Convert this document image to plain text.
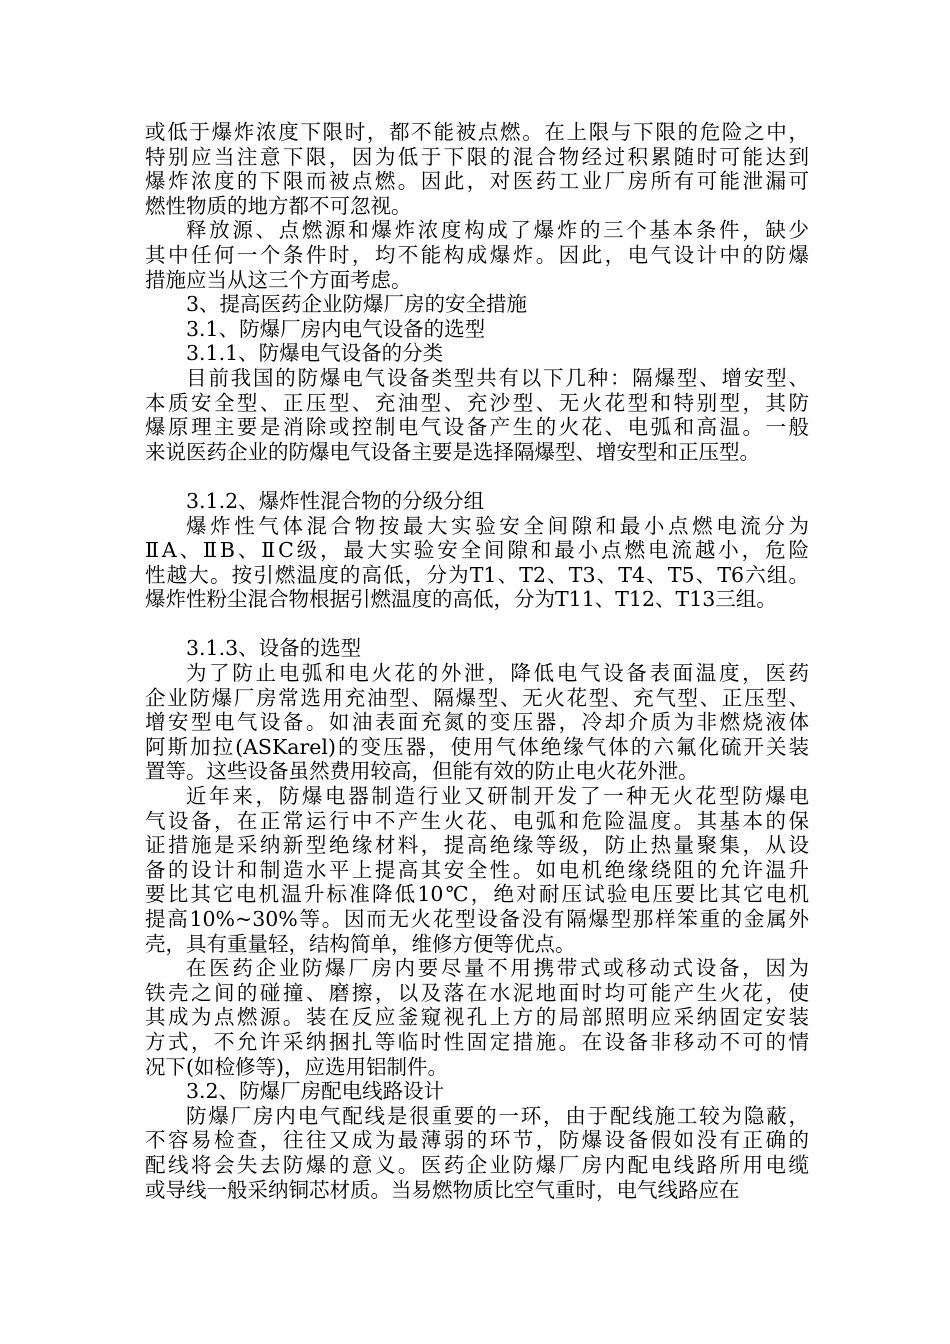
或低于爆炸浓度下限时，都不能被点燃。在上限与下限的危险之中，
特别应当注意下限，因为低于下限的混合物经过积累随时可能达到
爆炸浓度的下限而被点燃。因此，对医药工业厂房所有可能泄漏可
燃性物质的地方都不可忽视。
释放源、点燃源和爆炸浓度构成了爆炸的三个基本条件，缺少
其中任何一个条件时，均不能构成爆炸。因此，电气设计中的防爆
措施应当从这三个方面考虑。
3、提高医药企业防爆厂房的安全措施
3.1、防爆厂房内电气设备的选型
3.1.1、防爆电气设备的分类
目前我国的防爆电气设备类型共有以下几种：隔爆型、增安型、
本质安全型、正压型、充油型、充沙型、无火花型和特别型，其防
爆原理主要是消除或控制电气设备产生的火花、电弧和高温。一般
来说医药企业的防爆电气设备主要是选择隔爆型、增安型和正压型。
3.1.2、爆炸性混合物的分级分组
爆炸性气体混合物按最大实验安全间隙和最小点燃电流分为
ⅡA、ⅡB、ⅡC级，最大实验安全间隙和最小点燃电流越小，危险
性越大。按引燃温度的高低，分为T1、T2、T3、T4、T5、T6六组。
爆炸性粉尘混合物根据引燃温度的高低，分为T11、T12、T13三组。
3.1.3、设备的选型
为了防止电弧和电火花的外泄，降低电气设备表面温度，医药
企业防爆厂房常选用充油型、隔爆型、无火花型、充气型、正压型、
增安型电气设备。如油表面充氮的变压器，冷却介质为非燃烧液体
阿斯加拉(ASKarel)的变压器，使用气体绝缘气体的六氟化硫开关装
置等。这些设备虽然费用较高，但能有效的防止电火花外泄。
近年来，防爆电器制造行业又研制开发了一种无火花型防爆电
气设备，在正常运行中不产生火花、电弧和危险温度。其基本的保
证措施是采纳新型绝缘材料，提高绝缘等级，防止热量聚集，从设
备的设计和制造水平上提高其安全性。如电机绝缘绕阻的允许温升
要比其它电机温升标准降低10℃，绝对耐压试验电压要比其它电机
提高10%~30%等。因而无火花型设备没有隔爆型那样笨重的金属外
壳，具有重量轻，结构简单，维修方便等优点。
在医药企业防爆厂房内要尽量不用携带式或移动式设备，因为
铁壳之间的碰撞、磨擦，以及落在水泥地面时均可能产生火花，使
其成为点燃源。装在反应釜窥视孔上方的局部照明应采纳固定安装
方式，不允许采纳捆扎等临时性固定措施。在设备非移动不可的情
况下(如检修等)，应选用铝制件。
3.2、防爆厂房配电线路设计
防爆厂房内电气配线是很重要的一环，由于配线施工较为隐蔽，
不容易检查，往往又成为最薄弱的环节，防爆设备假如没有正确的
配线将会失去防爆的意义。医药企业防爆厂房内配电线路所用电缆
或导线一般采纳铜芯材质。当易燃物质比空气重时，电气线路应在
